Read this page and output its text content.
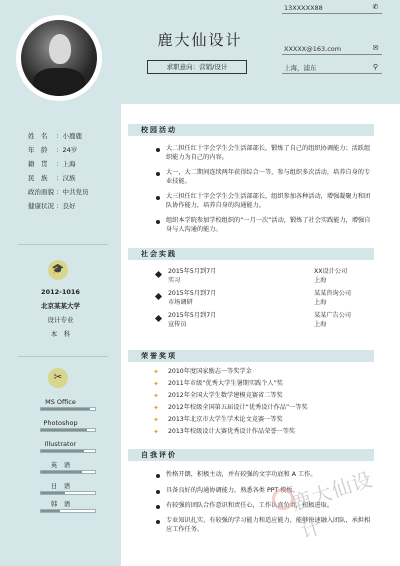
鹿大仙设计
求职意向：营销/设计
13XXXXX88	✆
XXXXX@163.com	✉
上海，浦东	⚲
姓　名 ：小鹿鹿
年　龄 ：24岁
籍　贯 ：上海
民　族 ：汉族
政治面貌 ：中共党员
健康状况 ：良好
🎓
2012-1016
北京某某大学
设计专业
本　科
✂
MS Office
Photoshop
Illustrator
英　语
日　语
韩　语
校园活动
大二担任红十字会学生会生活部部长，锻炼了自己的组织协调能力；活跃组织能力为自己的内容。
大一，大二期间连续两年获得综合一等，参与组织多次活动，培养自身的专业技能。
大三担任红十字会学生会生活部部长，组织参加各种活动，增强凝聚力和团队协作能力，培养自身的沟通能力。
组织本学院参加学校组织的“一月一次”活动，锻炼了社会实践能力，增强自身与人沟通的能力。
社会实践
2015年5月到7月
实习
XX设计公司
上海
2015年5月到7月
市场调研
某某咨询公司
上海
2015年5月到7月
宣传员
某某广告公司
上海
荣誉奖项
✦	2010年度国家励志一等奖学金
✦	2011年市级“优秀大学生暑期实践个人”奖
✦	2012年全国大学生数学建模竞赛省二等奖
✦	2012年校级全国第五届设计“优秀设计作品”一等奖
✦	2013年北京市大学生学术论文竞赛一等奖
✦	2013年校级设计大赛优秀设计作品荣誉一等奖
自我评价
性格开朗，积极主动，并有较强的文字功底和 A 工作。
具备良好的沟通协调能力，熟悉各类 PPT 模板。
有较强的团队合作意识和责任心，工作认真负责，积极进取。
专业知识扎实，有较强的学习能力和适应能力，能够快速融入团队，承担相应工作任务。
鹿大仙设计
